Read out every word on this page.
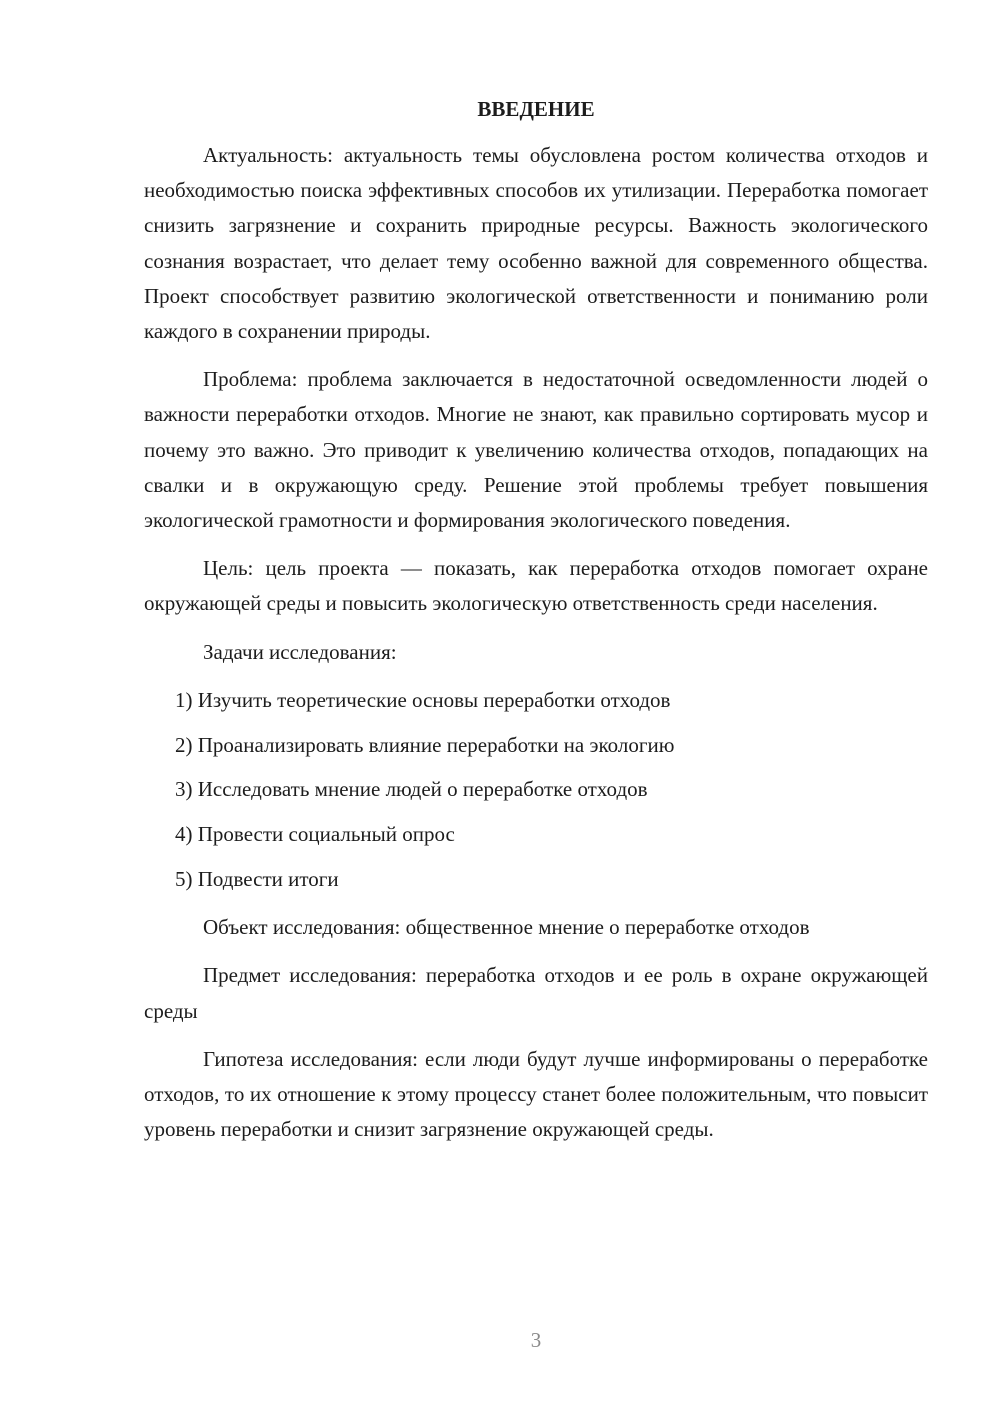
ВВЕДЕНИЕ

Актуальность: актуальность темы обусловлена ростом количества отходов и необходимостью поиска эффективных способов их утилизации. Переработка помогает снизить загрязнение и сохранить природные ресурсы. Важность экологического сознания возрастает, что делает тему особенно важной для современного общества. Проект способствует развитию экологической ответственности и пониманию роли каждого в сохранении природы.

Проблема: проблема заключается в недостаточной осведомленности людей о важности переработки отходов. Многие не знают, как правильно сортировать мусор и почему это важно. Это приводит к увеличению количества отходов, попадающих на свалки и в окружающую среду. Решение этой проблемы требует повышения экологической грамотности и формирования экологического поведения.

Цель: цель проекта — показать, как переработка отходов помогает охране окружающей среды и повысить экологическую ответственность среди населения.

Задачи исследования:

1) Изучить теоретические основы переработки отходов
2) Проанализировать влияние переработки на экологию
3) Исследовать мнение людей о переработке отходов
4) Провести социальный опрос
5) Подвести итоги

Объект исследования: общественное мнение о переработке отходов

Предмет исследования: переработка отходов и ее роль в охране окружающей среды

Гипотеза исследования: если люди будут лучше информированы о переработке отходов, то их отношение к этому процессу станет более положительным, что повысит уровень переработки и снизит загрязнение окружающей среды.

3
